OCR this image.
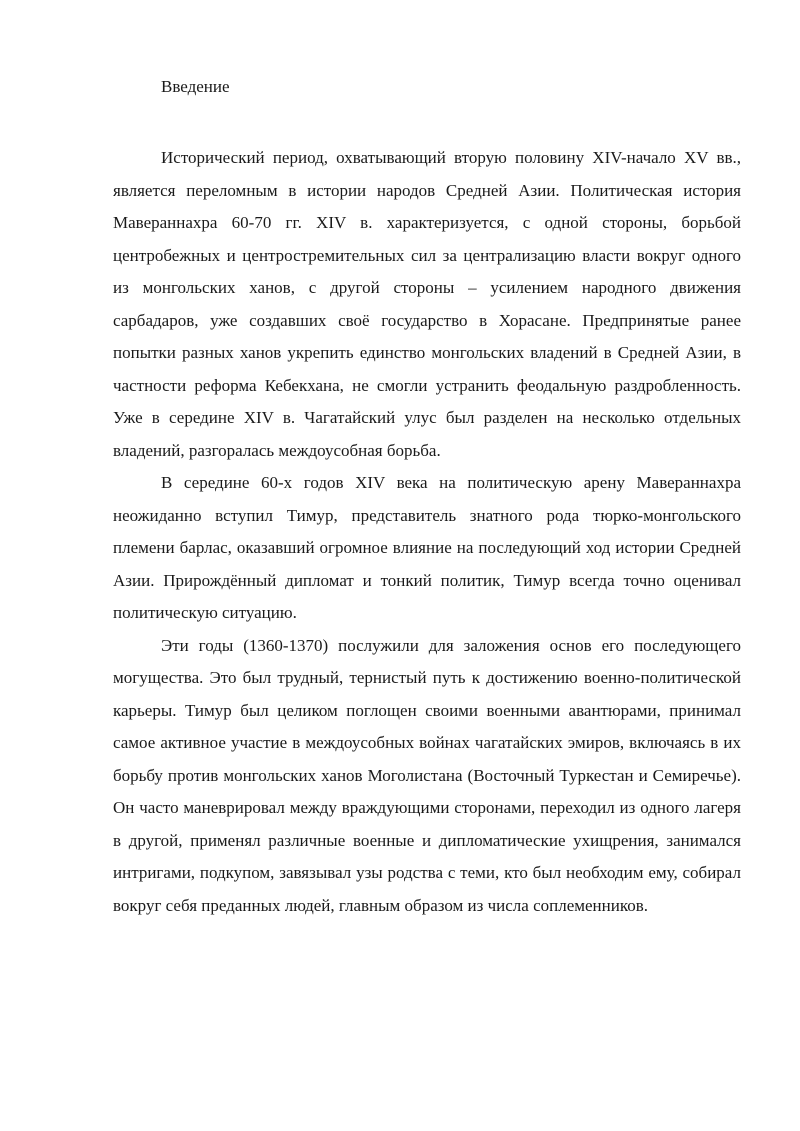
Введение

Исторический период, охватывающий вторую половину XIV-начало XV вв., является переломным в истории народов Средней Азии. Политическая история Мавераннахра 60-70 гг. XIV в. характеризуется, с одной стороны, борьбой центробежных и центростремительных сил за централизацию власти вокруг одного из монгольских ханов, с другой стороны – усилением народного движения сарбадаров, уже создавших своё государство в Хорасане. Предпринятые ранее попытки разных ханов укрепить единство монгольских владений в Средней Азии, в частности реформа Кебекхана, не смогли устранить феодальную раздробленность. Уже в середине XIV в. Чагатайский улус был разделен на несколько отдельных владений, разгоралась междоусобная борьба.

В середине 60-х годов XIV века на политическую арену Мавераннахра неожиданно вступил Тимур, представитель знатного рода тюрко-монгольского племени барлас, оказавший огромное влияние на последующий ход истории Средней Азии. Прирождённый дипломат и тонкий политик, Тимур всегда точно оценивал политическую ситуацию.

Эти годы (1360-1370) послужили для заложения основ его последующего могущества. Это был трудный, тернистый путь к достижению военно-политической карьеры. Тимур был целиком поглощен своими военными авантюрами, принимал самое активное участие в междоусобных войнах чагатайских эмиров, включаясь в их борьбу против монгольских ханов Моголистана (Восточный Туркестан и Семиречье). Он часто маневрировал между враждующими сторонами, переходил из одного лагеря в другой, применял различные военные и дипломатические ухищрения, занимался интригами, подкупом, завязывал узы родства с теми, кто был необходим ему, собирал вокруг себя преданных людей, главным образом из числа соплеменников.
